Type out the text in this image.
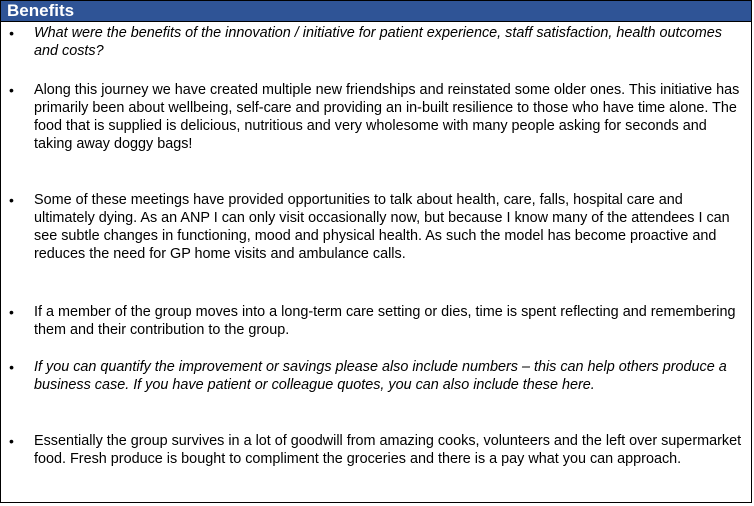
Benefits
• What were the benefits of the innovation / initiative for patient experience, staff satisfaction, health outcomes and costs?
• Along this journey we have created multiple new friendships and reinstated some older ones. This initiative has primarily been about wellbeing, self-care and providing an in-built resilience to those who have time alone. The food that is supplied is delicious, nutritious and very wholesome with many people asking for seconds and taking away doggy bags!
• Some of these meetings have provided opportunities to talk about health, care, falls, hospital care and ultimately dying. As an ANP I can only visit occasionally now, but because I know many of the attendees I can see subtle changes in functioning, mood and physical health. As such the model has become proactive and reduces the need for GP home visits and ambulance calls.
• If a member of the group moves into a long-term care setting or dies, time is spent reflecting and remembering them and their contribution to the group.
• If you can quantify the improvement or savings please also include numbers – this can help others produce a business case. If you have patient or colleague quotes, you can also include these here.
• Essentially the group survives in a lot of goodwill from amazing cooks, volunteers and the left over supermarket food. Fresh produce is bought to compliment the groceries and there is a pay what you can approach.
